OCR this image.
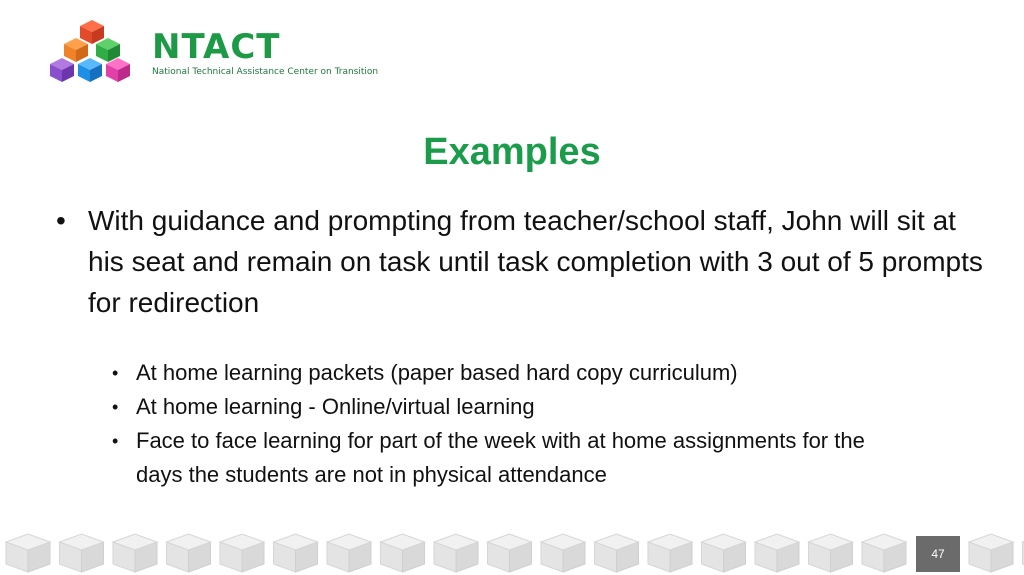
NTACT
National Technical Assistance Center on Transition
Examples
• With guidance and prompting from teacher/school staff, John will sit at his seat and remain on task until task completion with 3 out of 5 prompts for redirection
• At home learning packets (paper based hard copy curriculum)
• At home learning - Online/virtual learning
• Face to face learning for part of the week with at home assignments for the days the students are not in physical attendance
47
